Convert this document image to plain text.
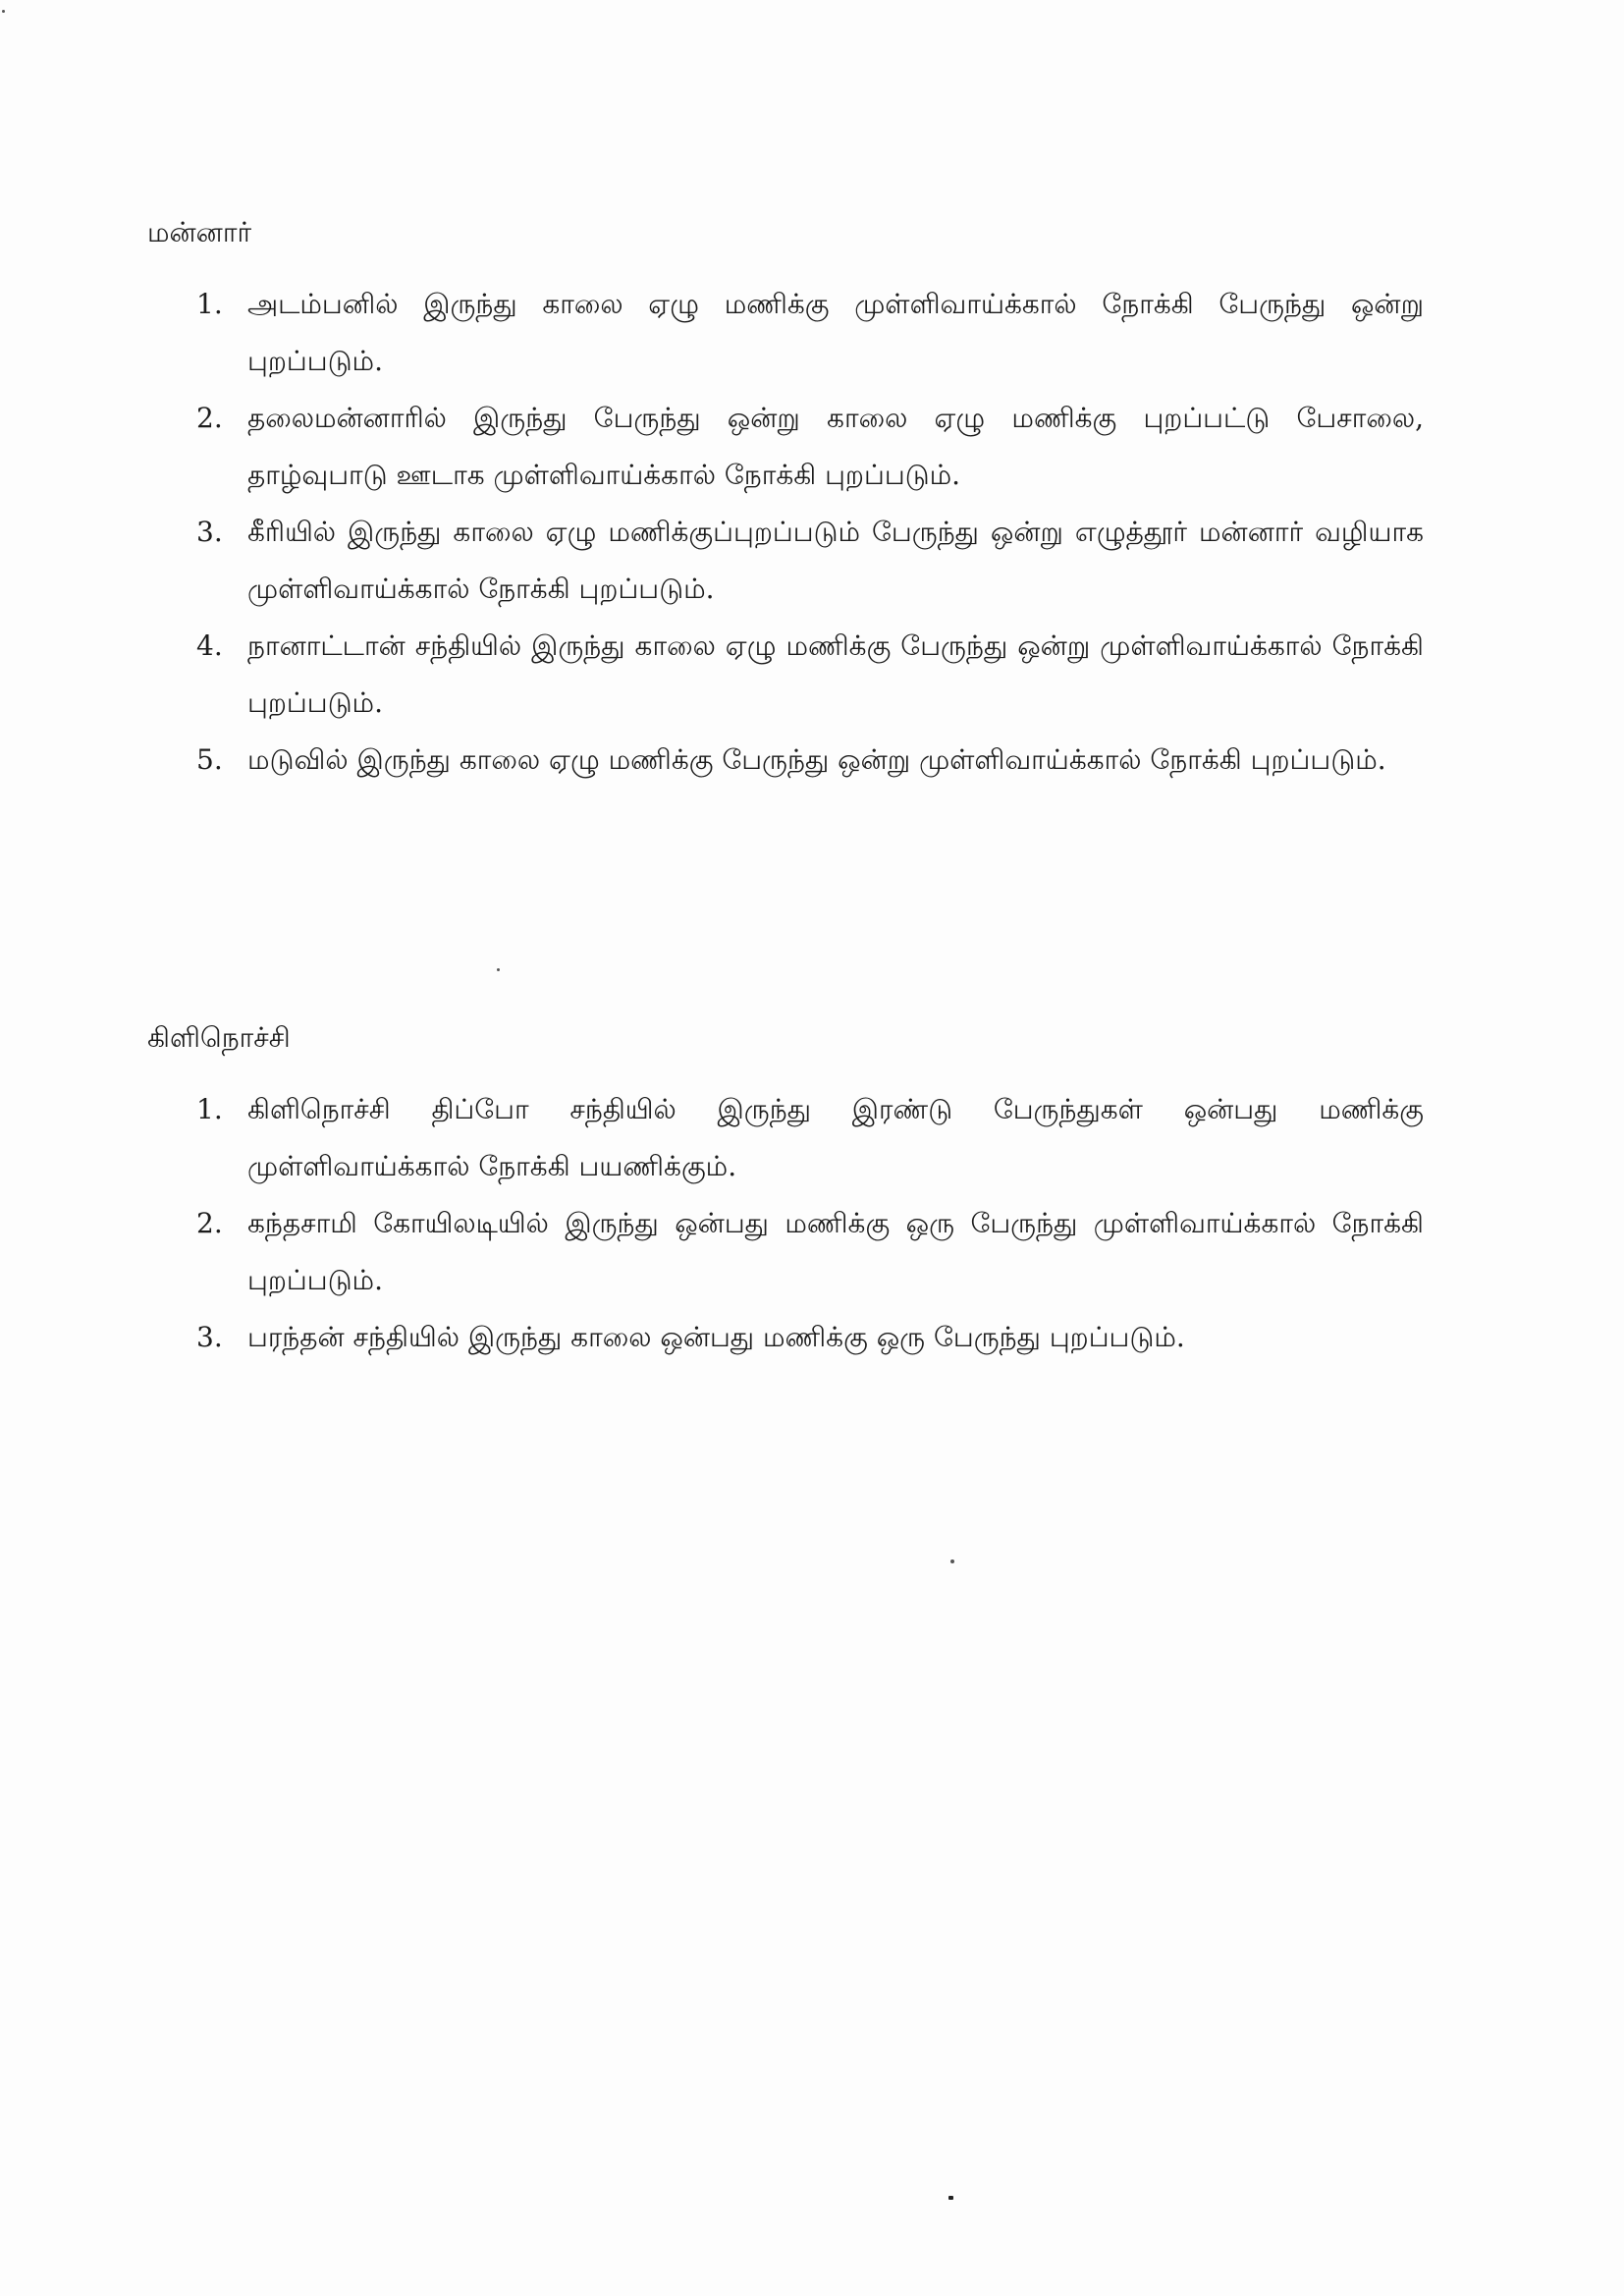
மன்னார்
1. அடம்பனில் இருந்து காலை ஏழு மணிக்கு முள்ளிவாய்க்கால் நோக்கி பேருந்து ஒன்று புறப்படும்.
2. தலைமன்னாரில் இருந்து பேருந்து ஒன்று காலை ஏழு மணிக்கு புறப்பட்டு பேசாலை, தாழ்வுபாடு ஊடாக முள்ளிவாய்க்கால் நோக்கி புறப்படும்.
3. கீரியில் இருந்து காலை ஏழு மணிக்குப்புறப்படும் பேருந்து ஒன்று எழுத்தூர் மன்னார் வழியாக முள்ளிவாய்க்கால் நோக்கி புறப்படும்.
4. நானாட்டான் சந்தியில் இருந்து காலை ஏழு மணிக்கு பேருந்து ஒன்று முள்ளிவாய்க்கால் நோக்கி புறப்படும்.
5. மடுவில் இருந்து காலை ஏழு மணிக்கு பேருந்து ஒன்று முள்ளிவாய்க்கால் நோக்கி புறப்படும்.
கிளிநொச்சி
1. கிளிநொச்சி திப்போ சந்தியில் இருந்து இரண்டு பேருந்துகள் ஒன்பது மணிக்கு முள்ளிவாய்க்கால் நோக்கி பயணிக்கும்.
2. கந்தசாமி கோயிலடியில் இருந்து ஒன்பது மணிக்கு ஒரு பேருந்து முள்ளிவாய்க்கால் நோக்கி புறப்படும்.
3. பரந்தன் சந்தியில் இருந்து காலை ஒன்பது மணிக்கு ஒரு பேருந்து புறப்படும்.
